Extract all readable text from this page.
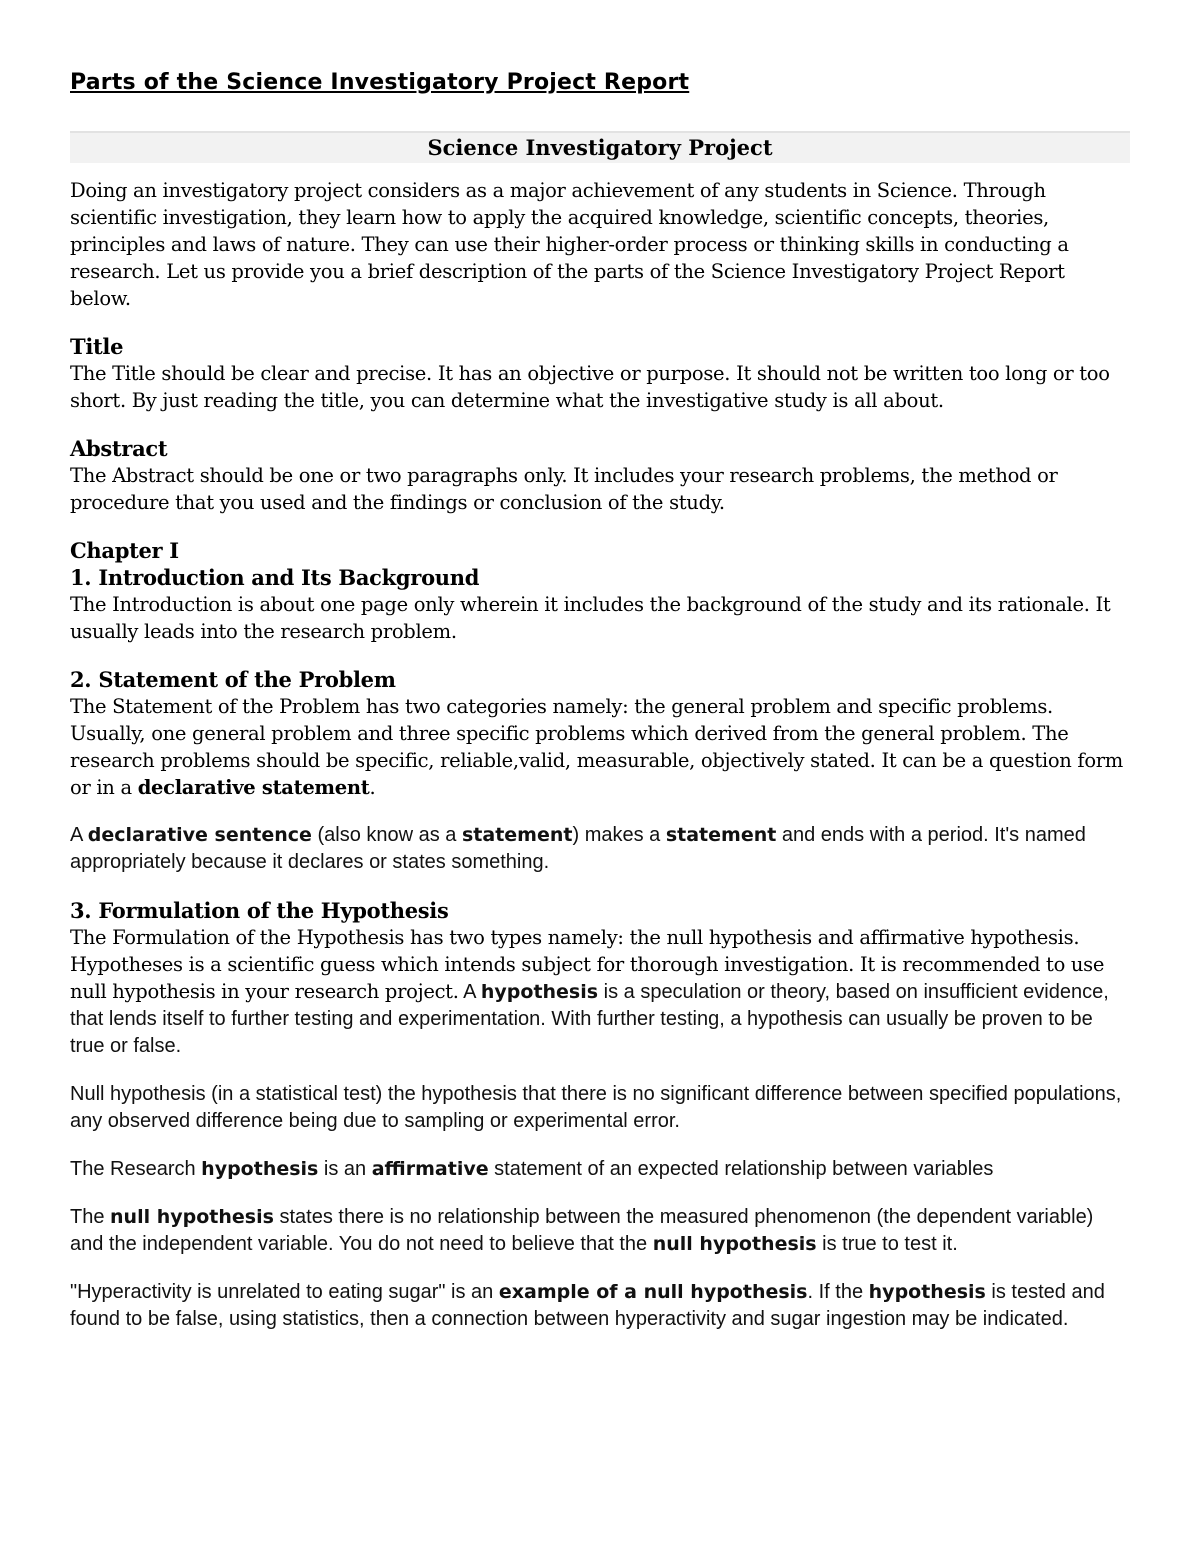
Parts of the Science Investigatory Project Report
Science Investigatory Project

Doing an investigatory project considers as a major achievement of any students in Science. Through scientific investigation, they learn how to apply the acquired knowledge, scientific concepts, theories, principles and laws of nature. They can use their higher-order process or thinking skills in conducting a research. Let us provide you a brief description of the parts of the Science Investigatory Project Report below.

Title

The Title should be clear and precise. It has an objective or purpose. It should not be written too long or too short. By just reading the title, you can determine what the investigative study is all about.

Abstract

The Abstract should be one or two paragraphs only. It includes your research problems, the method or procedure that you used and the findings or conclusion of the study.

Chapter I
1. Introduction and Its Background

The Introduction is about one page only wherein it includes the background of the study and its rationale. It usually leads into the research problem.

2. Statement of the Problem

The Statement of the Problem has two categories namely: the general problem and specific problems. Usually, one general problem and three specific problems which derived from the general problem. The research problems should be specific, reliable,valid, measurable, objectively stated. It can be a question form or in a declarative statement.

A declarative sentence (also know as a statement) makes a statement and ends with a period. It's named appropriately because it declares or states something.

3. Formulation of the Hypothesis

The Formulation of the Hypothesis has two types namely: the null hypothesis and affirmative hypothesis. Hypotheses is a scientific guess which intends subject for thorough investigation. It is recommended to use null hypothesis in your research project. A hypothesis is a speculation or theory, based on insufficient evidence, that lends itself to further testing and experimentation. With further testing, a hypothesis can usually be proven to be true or false.

Null hypothesis (in a statistical test) the hypothesis that there is no significant difference between specified populations, any observed difference being due to sampling or experimental error.

The Research hypothesis is an affirmative statement of an expected relationship between variables

The null hypothesis states there is no relationship between the measured phenomenon (the dependent variable) and the independent variable. You do not need to believe that the null hypothesis is true to test it.

"Hyperactivity is unrelated to eating sugar" is an example of a null hypothesis. If the hypothesis is tested and found to be false, using statistics, then a connection between hyperactivity and sugar ingestion may be indicated.
